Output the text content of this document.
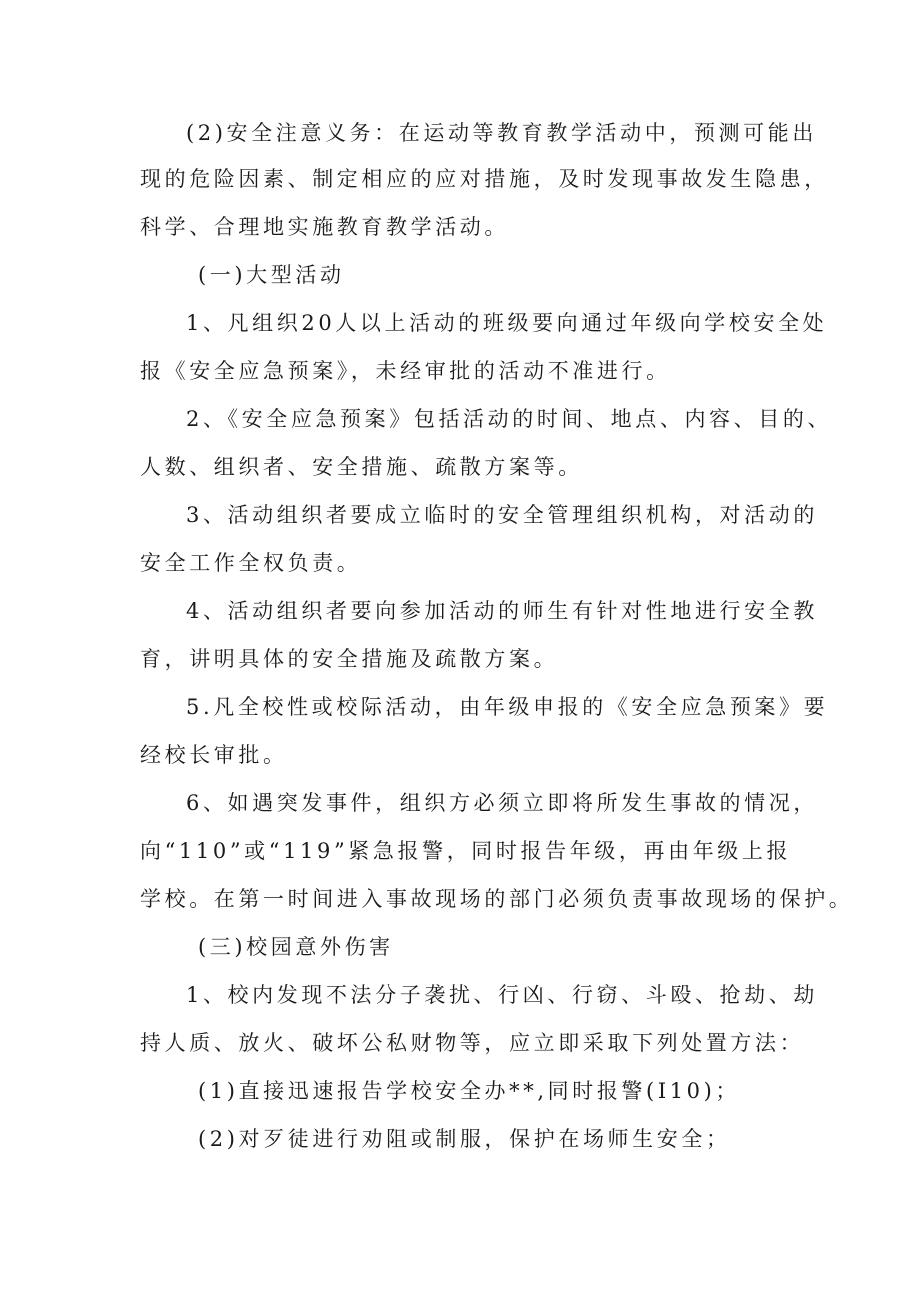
(2)安全注意义务：在运动等教育教学活动中，预测可能出
现的危险因素、制定相应的应对措施，及时发现事故发生隐患，
科学、合理地实施教育教学活动。
(一)大型活动
1、凡组织20人以上活动的班级要向通过年级向学校安全处
报《安全应急预案》，未经审批的活动不准进行。
2、《安全应急预案》包括活动的时间、地点、内容、目的、
人数、组织者、安全措施、疏散方案等。
3、活动组织者要成立临时的安全管理组织机构，对活动的
安全工作全权负责。
4、活动组织者要向参加活动的师生有针对性地进行安全教
育，讲明具体的安全措施及疏散方案。
5.凡全校性或校际活动，由年级申报的《安全应急预案》要
经校长审批。
6、如遇突发事件，组织方必须立即将所发生事故的情况，
向“110”或“119”紧急报警，同时报告年级，再由年级上报
学校。在第一时间进入事故现场的部门必须负责事故现场的保护。
(三)校园意外伤害
1、校内发现不法分子袭扰、行凶、行窃、斗殴、抢劫、劫
持人质、放火、破坏公私财物等，应立即采取下列处置方法：
(1)直接迅速报告学校安全办**,同时报警(I10)；
(2)对歹徒进行劝阻或制服，保护在场师生安全；
